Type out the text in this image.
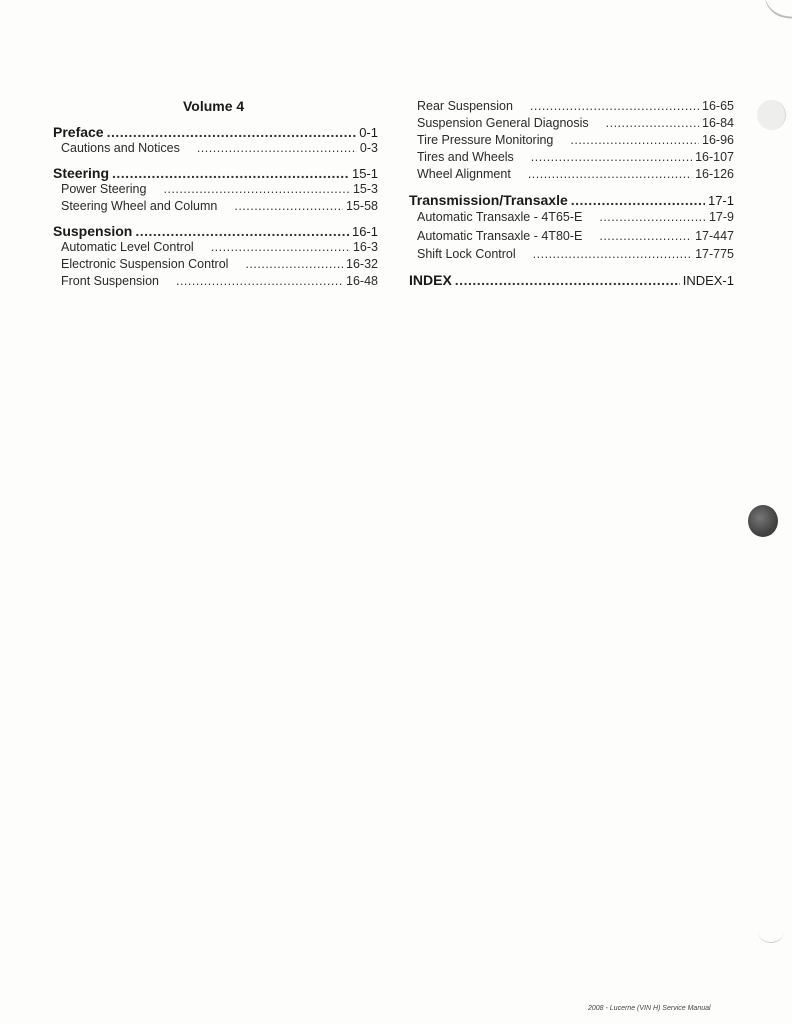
Volume 4
Preface .....	0-1
Cautions and Notices .....	0-3
Steering .....	15-1
Power Steering .....	15-3
Steering Wheel and Column .....	15-58
Suspension .....	16-1
Automatic Level Control .....	16-3
Electronic Suspension Control .....	16-32
Front Suspension .....	16-48
Rear Suspension .....	16-65
Suspension General Diagnosis .....	16-84
Tire Pressure Monitoring .....	16-96
Tires and Wheels .....	16-107
Wheel Alignment .....	16-126
Transmission/Transaxle .....	17-1
Automatic Transaxle - 4T65-E .....	17-9
Automatic Transaxle - 4T80-E .....	17-447
Shift Lock Control .....	17-775
INDEX .....	INDEX-1
2008 - Lucerne (VIN H) Service Manual
